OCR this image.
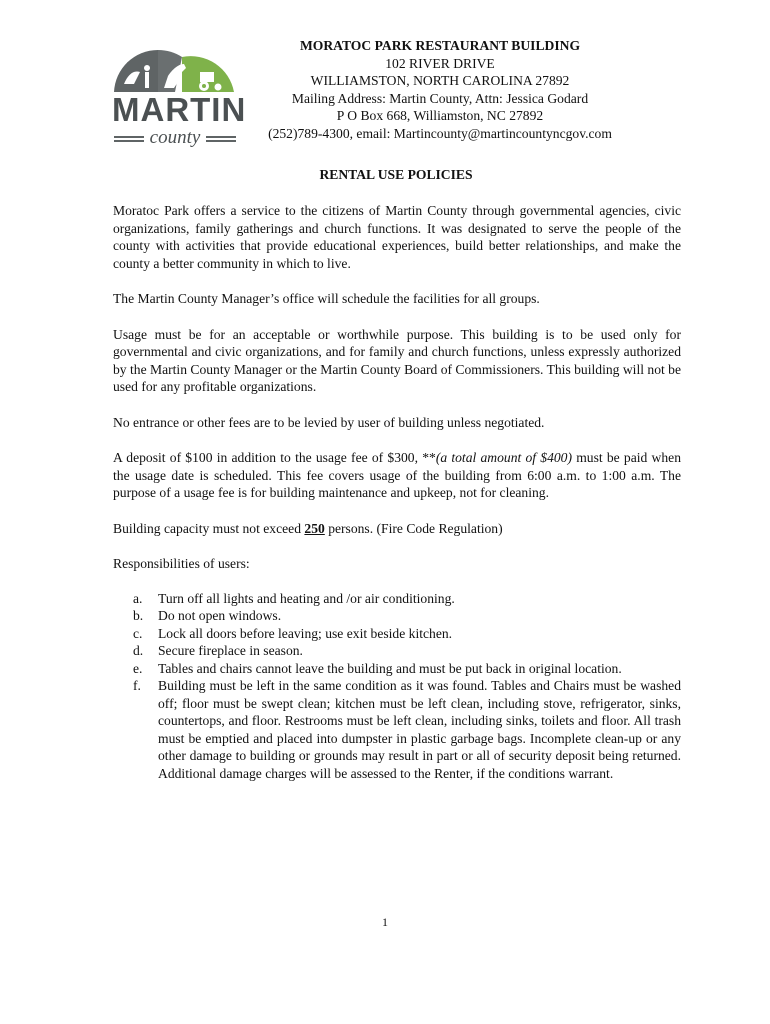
MARTIN
county
MORATOC PARK RESTAURANT BUILDING
102 RIVER DRIVE
WILLIAMSTON, NORTH CAROLINA 27892
Mailing Address: Martin County, Attn: Jessica Godard
P O Box 668, Williamston, NC 27892
(252)789-4300, email: Martincounty@martincountyncgov.com
RENTAL USE POLICIES

Moratoc Park offers a service to the citizens of Martin County through governmental agencies, civic organizations, family gatherings and church functions. It was designated to serve the people of the county with activities that provide educational experiences, build better relationships, and make the county a better community in which to live.

The Martin County Manager’s office will schedule the facilities for all groups.

Usage must be for an acceptable or worthwhile purpose. This building is to be used only for governmental and civic organizations, and for family and church functions, unless expressly authorized by the Martin County Manager or the Martin County Board of Commissioners. This building will not be used for any profitable organizations.

No entrance or other fees are to be levied by user of building unless negotiated.

A deposit of $100 in addition to the usage fee of $300, **(a total amount of $400) must be paid when the usage date is scheduled. This fee covers usage of the building from 6:00 a.m. to 1:00 a.m. The purpose of a usage fee is for building maintenance and upkeep, not for cleaning.

Building capacity must not exceed 250 persons. (Fire Code Regulation)

Responsibilities of users:

a.	Turn off all lights and heating and /or air conditioning.
b.	Do not open windows.
c.	Lock all doors before leaving; use exit beside kitchen.
d.	Secure fireplace in season.
e.	Tables and chairs cannot leave the building and must be put back in original location.
f.	Building must be left in the same condition as it was found. Tables and Chairs must be washed off; floor must be swept clean; kitchen must be left clean, including stove, refrigerator, sinks, countertops, and floor. Restrooms must be left clean, including sinks, toilets and floor. All trash must be emptied and placed into dumpster in plastic garbage bags. Incomplete clean-up or any other damage to building or grounds may result in part or all of security deposit being returned. Additional damage charges will be assessed to the Renter, if the conditions warrant.
1
